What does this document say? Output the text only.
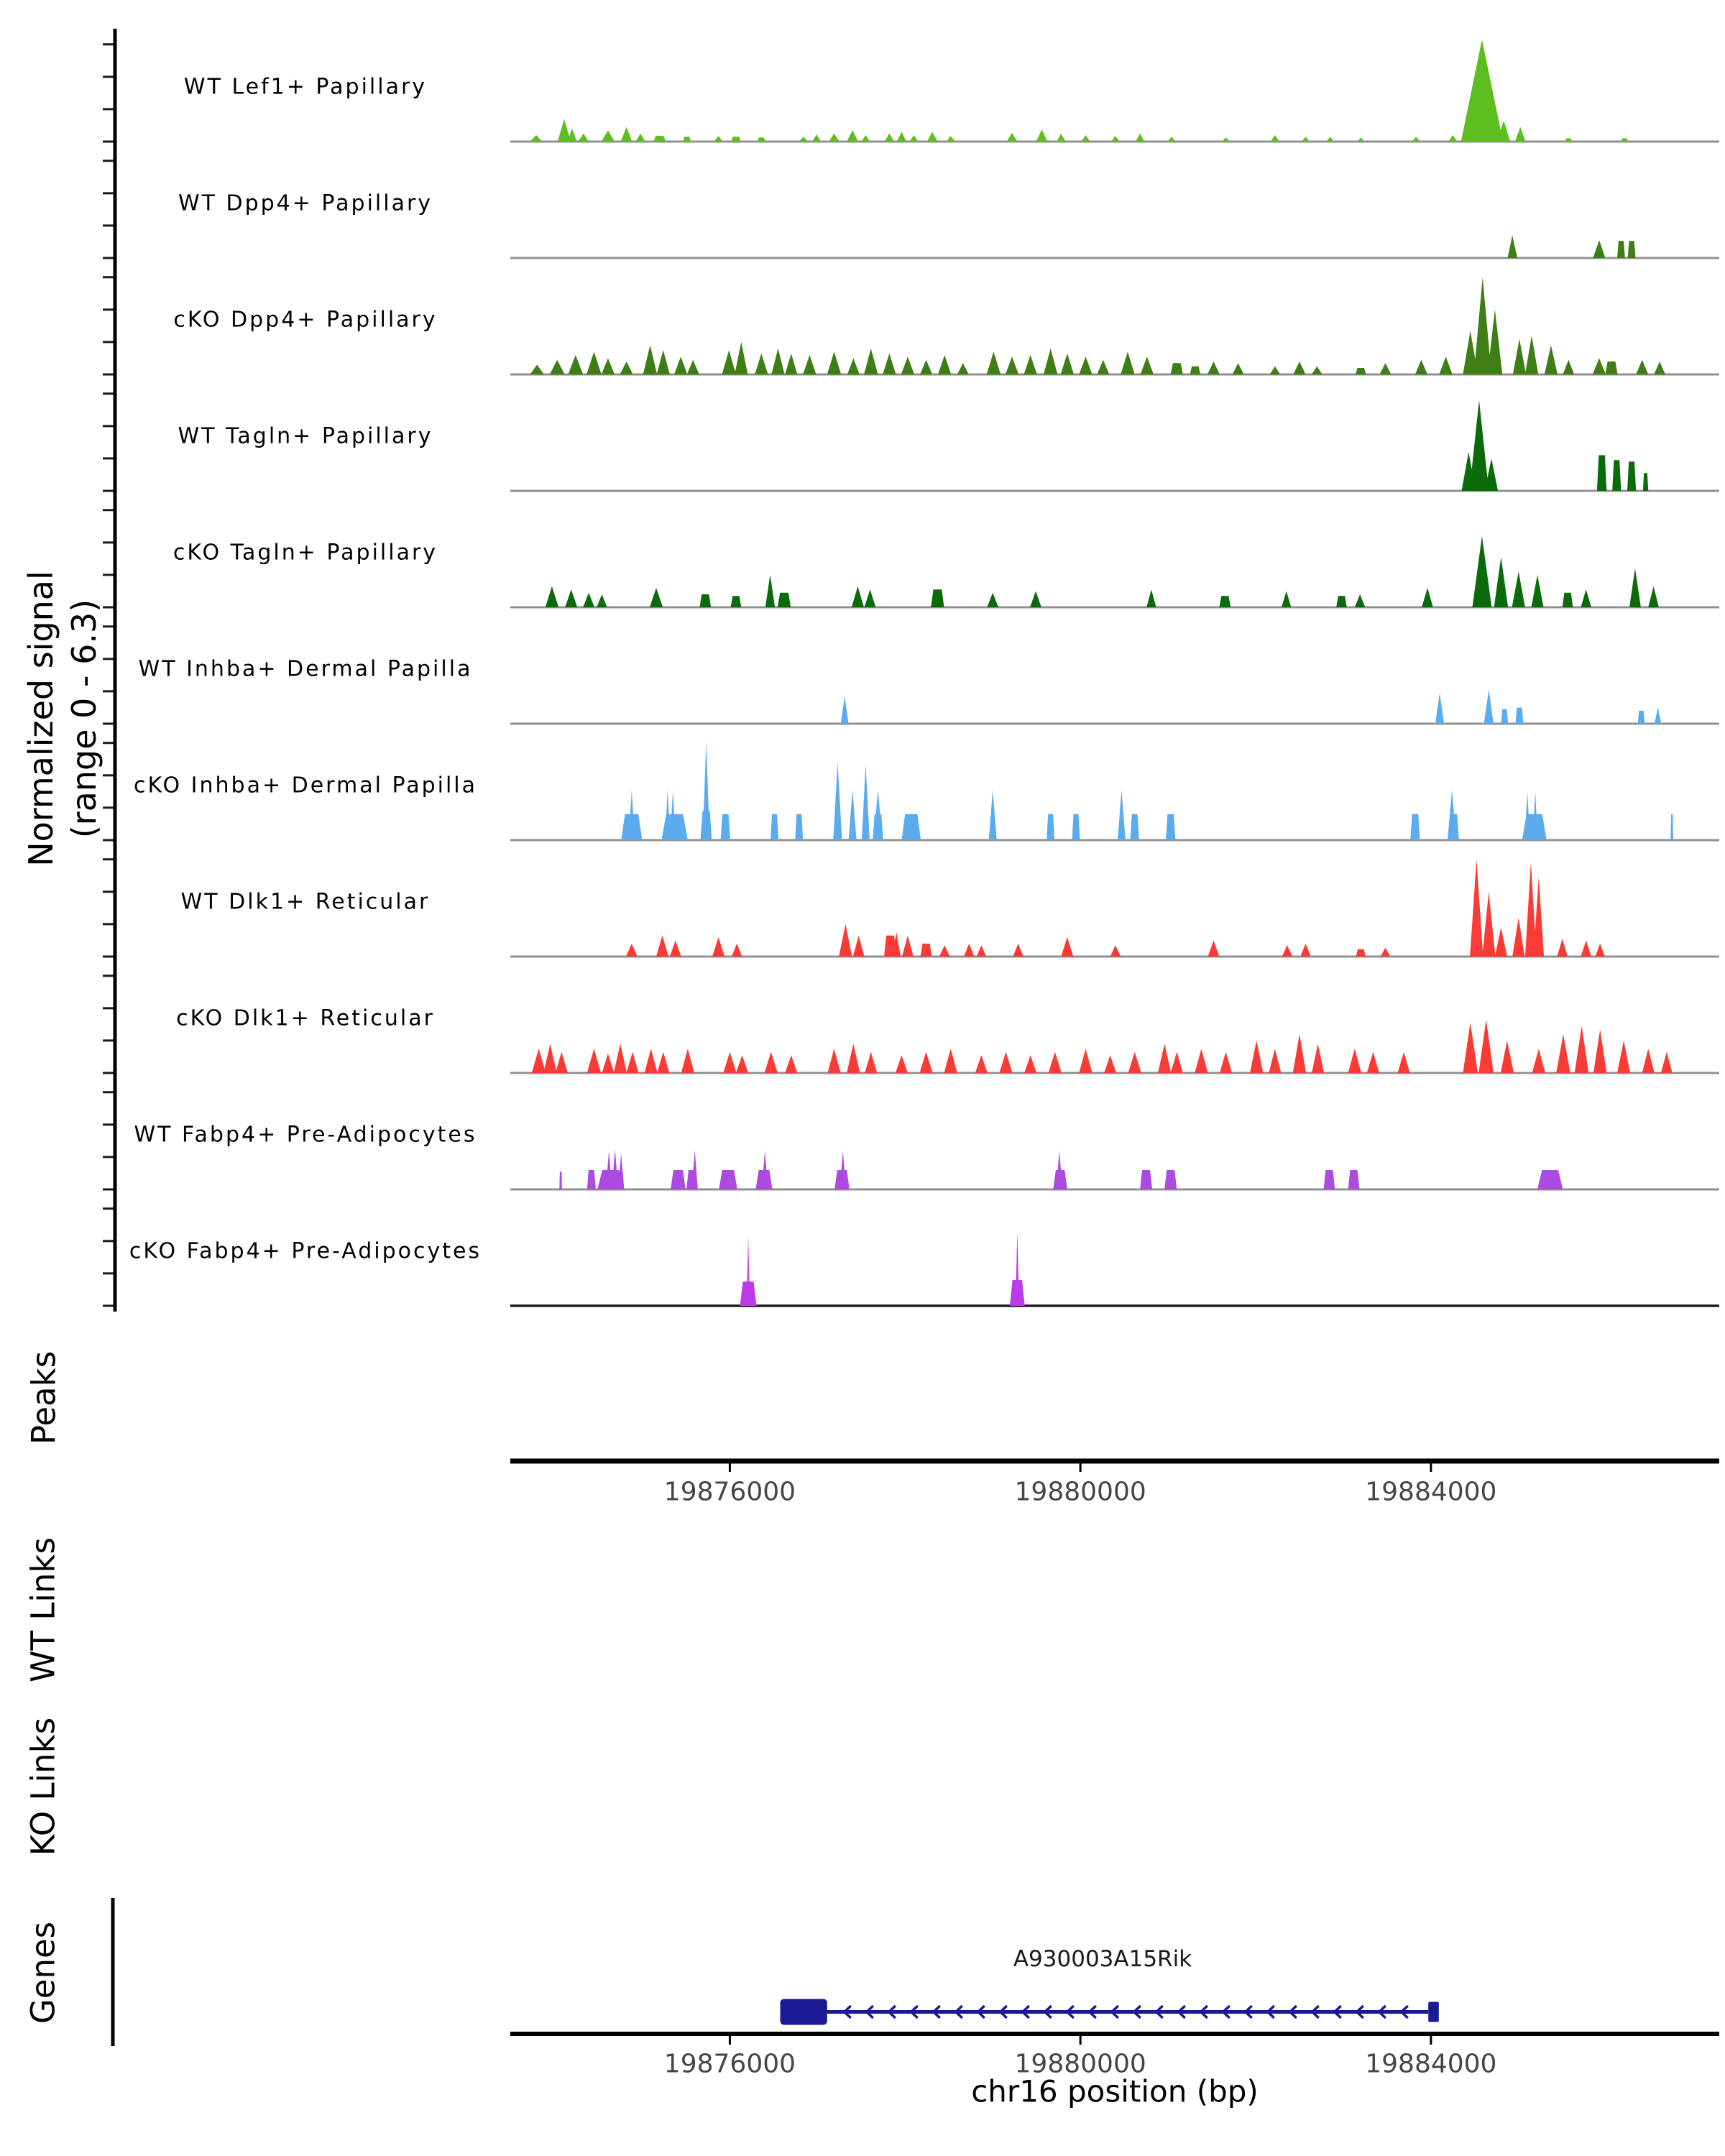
Normalized signal (range 0 - 6.3)
Peaks
WT Links
KO Links
Genes
WT Lef1+ Papillary
WT Dpp4+ Papillary
cKO Dpp4+ Papillary
WT Tagln+ Papillary
cKO Tagln+ Papillary
WT Inhba+ Dermal Papilla
cKO Inhba+ Dermal Papilla
WT Dlk1+ Reticular
cKO Dlk1+ Reticular
WT Fabp4+ Pre-Adipocytes
cKO Fabp4+ Pre-Adipocytes
19876000	19880000	19884000
19876000	19880000	19884000
A930003A15Rik
chr16 position (bp)
